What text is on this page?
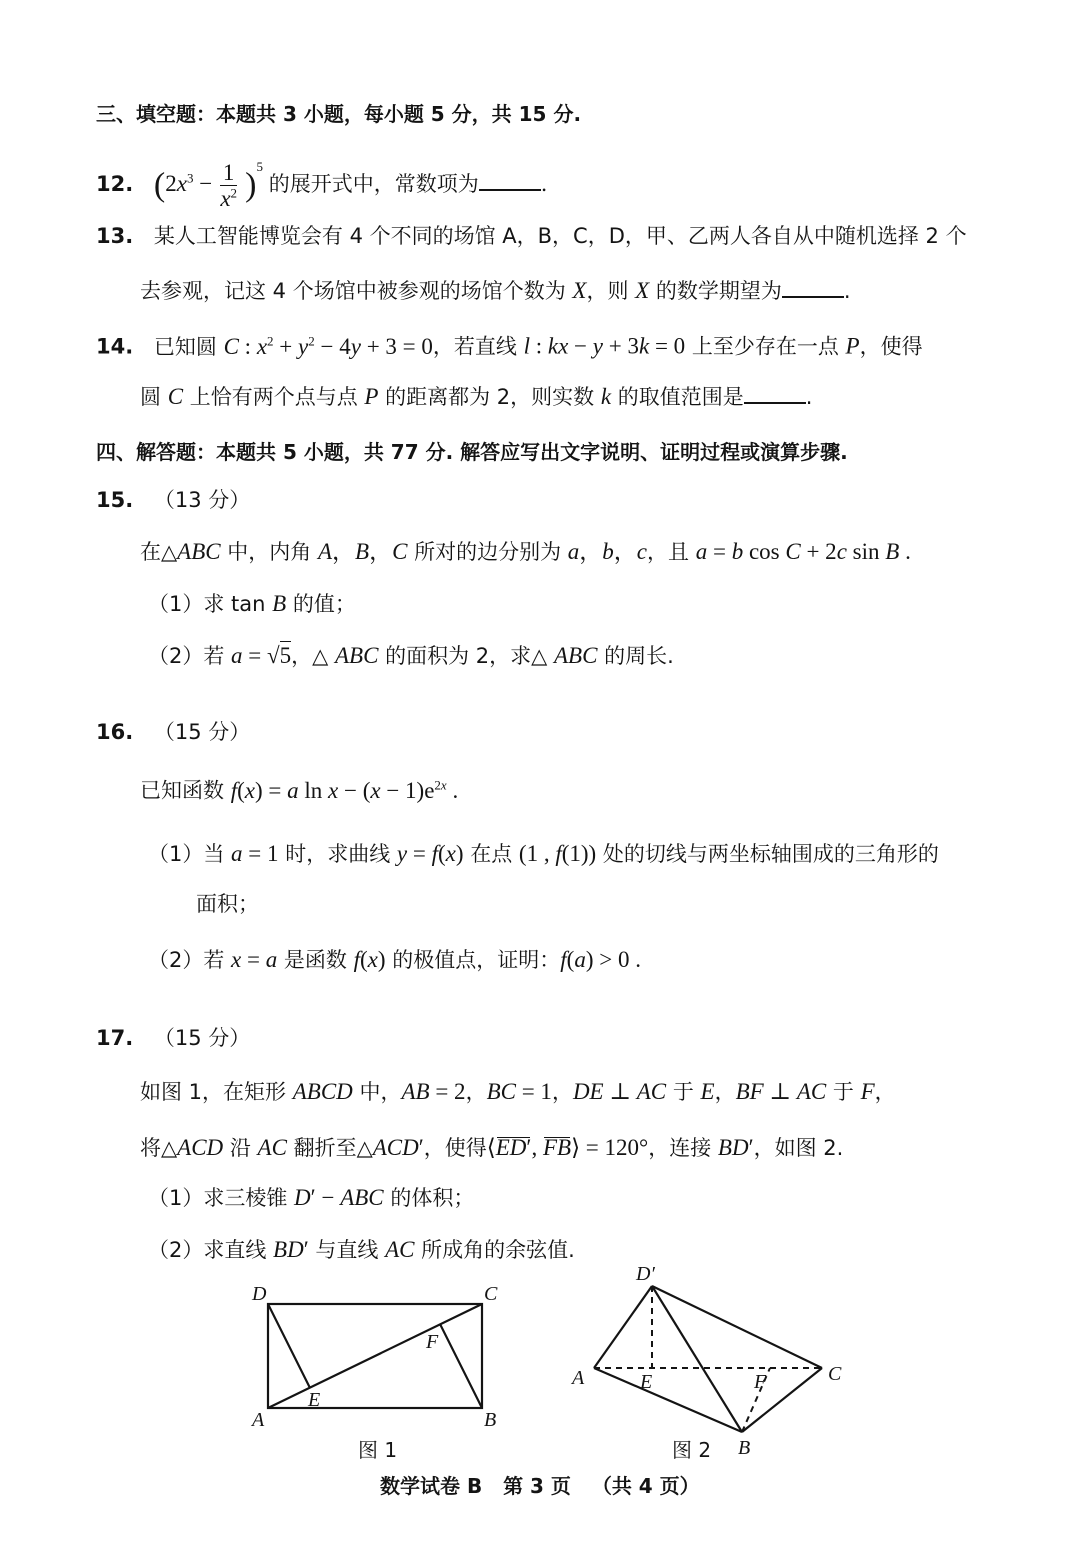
三、填空题：本题共 3 小题，每小题 5 分，共 15 分.
12. $(2x^3 - \frac{1}{x^2} )^5$ 的展开式中，常数项为	.
13. 某人工智能博览会有 4 个不同的场馆 A，B，C，D，甲、乙两人各自从中随机选择 2 个
去参观，记这 4 个场馆中被参观的场馆个数为 X，则 X 的数学期望为	.
14. 已知圆 C : $x^2 + y^2 - 4y + 3 = 0$，若直线 l : kx − y + 3k = 0 上至少存在一点 P，使得
圆 C 上恰有两个点与点 P 的距离都为 2，则实数 k 的取值范围是	.
四、解答题：本题共 5 小题，共 77 分. 解答应写出文字说明、证明过程或演算步骤.
15. （13 分）
在△ABC 中，内角 A，B，C 所对的边分别为 a，b，c，且 a = b cos C + 2c sin B .
（1）求 tan B 的值；
（2）若 a = √5，△ ABC 的面积为 2，求△ ABC 的周长.
16. （15 分）
已知函数 f(x) = a $\ln x - (x - 1)e^{2x}$ .
（1）当 a = 1 时，求曲线 y = f(x) 在点 (1 , f(1)) 处的切线与两坐标轴围成的三角形的
面积；
（2）若 x = a 是函数 f(x) 的极值点，证明：f(a) > 0 .
17. （15 分）
如图 1，在矩形 ABCD 中，AB = 2，BC = 1，DE ⊥ AC 于 E，BF ⊥ AC 于 F，
将△ACD 沿 AC 翻折至△ACD′，使得⟨ED′, FB⟩ = 120°，连接 BD′，如图 2.
（1）求三棱锥 D′ − ABC 的体积；
（2）求直线 BD′ 与直线 AC 所成角的余弦值.
D	C
A	B
E
F
图 1
D′
A	C
B
E	F
图 2
数学试卷 B   第 3 页   （共 4 页）
